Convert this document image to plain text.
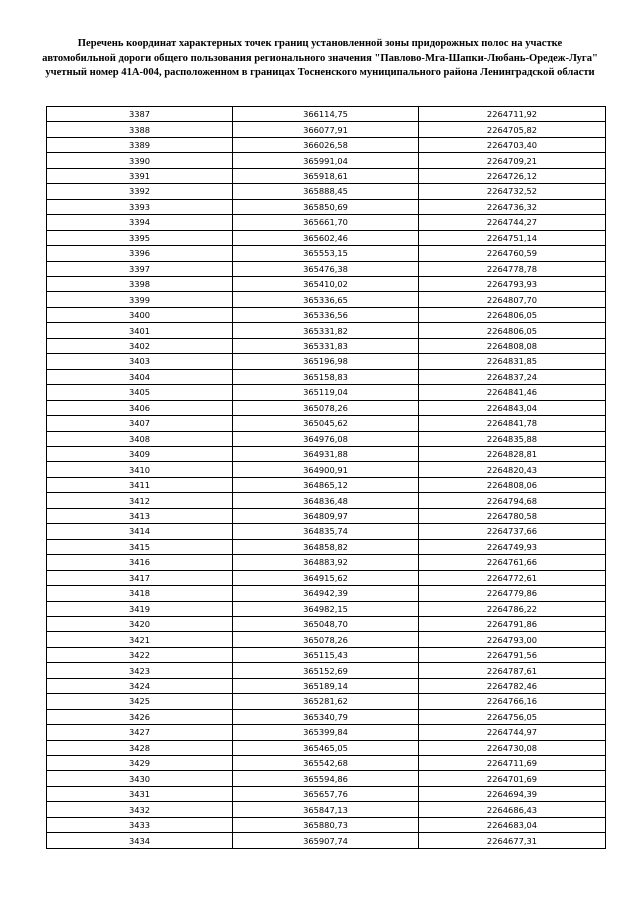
Перечень координат характерных точек границ установленной зоны придорожных полос на участке автомобильной дороги общего пользования регионального значения "Павлово-Мга-Шапки-Любань-Оредеж-Луга" учетный номер 41А-004, расположенном в границах Тосненского муниципального района Ленинградской области
3387	366114,75	2264711,92
3388	366077,91	2264705,82
3389	366026,58	2264703,40
3390	365991,04	2264709,21
3391	365918,61	2264726,12
3392	365888,45	2264732,52
3393	365850,69	2264736,32
3394	365661,70	2264744,27
3395	365602,46	2264751,14
3396	365553,15	2264760,59
3397	365476,38	2264778,78
3398	365410,02	2264793,93
3399	365336,65	2264807,70
3400	365336,56	2264806,05
3401	365331,82	2264806,05
3402	365331,83	2264808,08
3403	365196,98	2264831,85
3404	365158,83	2264837,24
3405	365119,04	2264841,46
3406	365078,26	2264843,04
3407	365045,62	2264841,78
3408	364976,08	2264835,88
3409	364931,88	2264828,81
3410	364900,91	2264820,43
3411	364865,12	2264808,06
3412	364836,48	2264794,68
3413	364809,97	2264780,58
3414	364835,74	2264737,66
3415	364858,82	2264749,93
3416	364883,92	2264761,66
3417	364915,62	2264772,61
3418	364942,39	2264779,86
3419	364982,15	2264786,22
3420	365048,70	2264791,86
3421	365078,26	2264793,00
3422	365115,43	2264791,56
3423	365152,69	2264787,61
3424	365189,14	2264782,46
3425	365281,62	2264766,16
3426	365340,79	2264756,05
3427	365399,84	2264744,97
3428	365465,05	2264730,08
3429	365542,68	2264711,69
3430	365594,86	2264701,69
3431	365657,76	2264694,39
3432	365847,13	2264686,43
3433	365880,73	2264683,04
3434	365907,74	2264677,31
